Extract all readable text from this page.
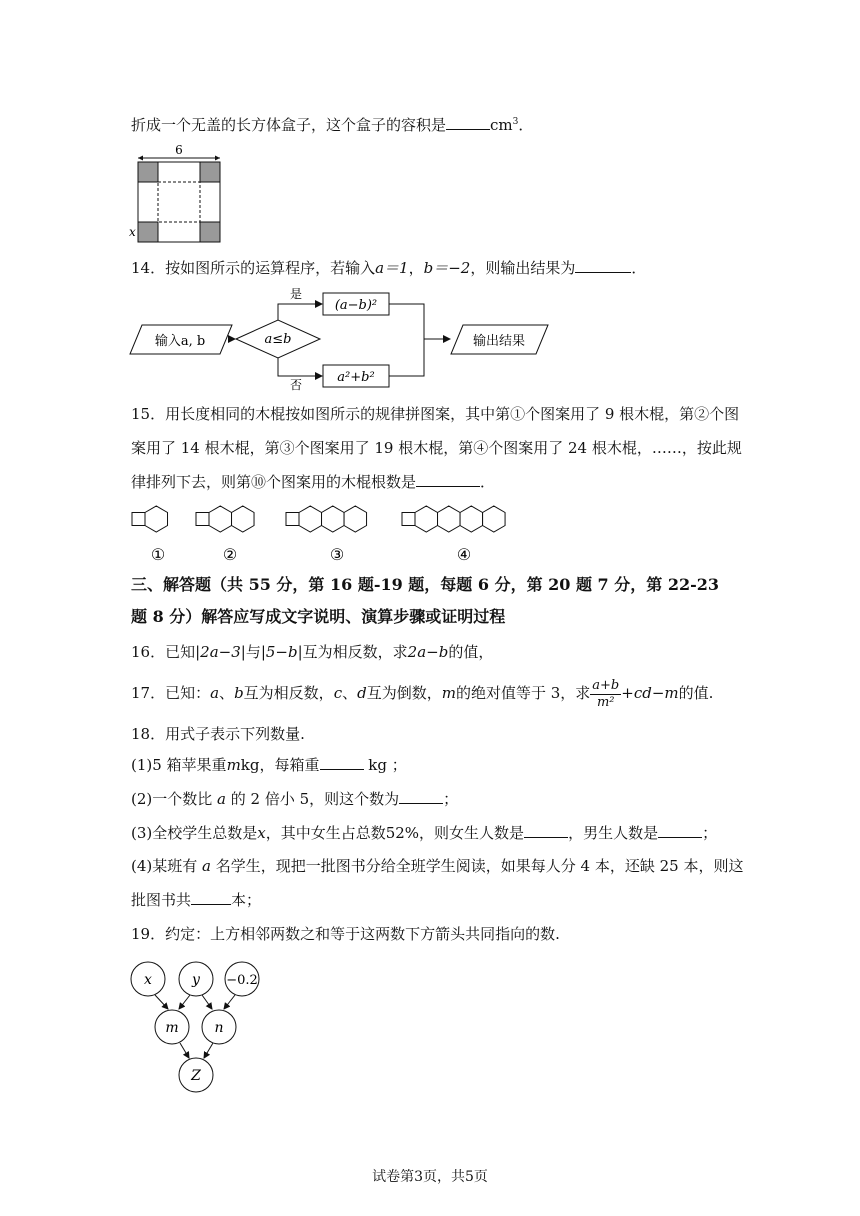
折成一个无盖的长方体盒子，这个盒子的容积是	$cm^3$．
6
x
14．按如图所示的运算程序，若输入a＝1，b＝−2，则输出结果为	．
输入a, b	a≤b
是
否
(a−b)²
a²+b²
输出结果
15．用长度相同的木棍按如图所示的规律拼图案，其中第①个图案用了 9 根木棍，第②个图
案用了 14 根木棍，第③个图案用了 19 根木棍，第④个图案用了 24 根木棍，……，按此规
律排列下去，则第⑩个图案用的木棍根数是	．
①	②	③	④
三、解答题（共 55 分，第 16 题-19 题，每题 6 分，第 20 题 7 分，第 22-23
题 8 分）解答应写成文字说明、演算步骤或证明过程
16．已知|2a−3|与|5−b|互为相反数，求2a−b的值，
17．已知：a、b互为相反数，c、d互为倒数，m的绝对值等于 3，求 $\frac{a+b}{\text{m²}} +cd-m$的值.
18．用式子表示下列数量.
(1)5 箱苹果重mkg，每箱重	kg ；
(2)一个数比 a 的 2 倍小 5，则这个数为	；
(3)全校学生总数是x，其中女生占总数52%，则女生人数是	，男生人数是	；
(4)某班有 a 名学生，现把一批图书分给全班学生阅读，如果每人分 4 本，还缺 25 本，则这
批图书共	本；
19．约定：上方相邻两数之和等于这两数下方箭头共同指向的数.
x	y −0.2
m	n
Z
试卷第3页，共5页
